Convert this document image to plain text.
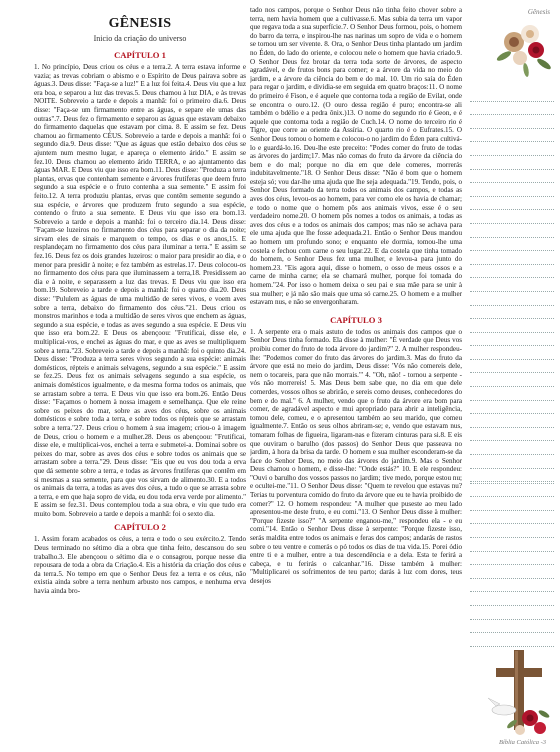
GÊNESIS
Inicio da criação do universo
CAPÍTULO 1

1. No princípio, Deus criou os céus e a terra.2. A terra estava informe e vazia; as trevas cobriam o abismo e o Espírito de Deus pairava sobre as águas.3. Deus disse: "Faça-se a luz!" E a luz foi feita.4. Deus viu que a luz era boa, e separou a luz das trevas.5. Deus chamou à luz DIA, e às trevas NOITE. Sobreveio a tarde e depois a manhã: foi o primeiro dia.6. Deus disse: "Faça-se um firmamento entre as águas, e separe ele umas das outras".7. Deus fez o firmamento e separou as águas que estavam debaixo do firmamento daquelas que estavam por cima. 8. E assim se fez. Deus chamou ao firmamento CÉUS. Sobreveio a tarde e depois a manhã: foi o segundo dia.9. Deus disse: "Que as águas que estão debaixo dos céus se ajuntem num mesmo lugar, e apareça o elemento árido." E assim se fez.10. Deus chamou ao elemento árido TERRA, e ao ajuntamento das águas MAR. E Deus viu que isso era bom.11. Deus disse: "Produza a terra plantas, ervas que contenham semente e árvores frutíferas que deem fruto segundo a sua espécie e o fruto contenha a sua semente." E assim foi feito.12. A terra produziu plantas, ervas que contêm semente segundo a sua espécie, e árvores que produzem fruto segundo a sua espécie, contendo o fruto a sua semente. E Deus viu que isso era bom.13. Sobreveio a tarde e depois a manhã: foi o terceiro dia.14. Deus disse: "Façam-se luzeiros no firmamento dos céus para separar o dia da noite; sirvam eles de sinais e marquem o tempo, os dias e os anos,15. E resplandeçam no firmamento dos céus para iluminar a terra." E assim se fez.16. Deus fez os dois grandes luzeiros: o maior para presidir ao dia, e o menor para presidir à noite; e fez também as estrelas.17. Deus colocou-os no firmamento dos céus para que iluminassem a terra,18. Presidissem ao dia e à noite, e separassem a luz das trevas. E Deus viu que isso era bom.19. Sobreveio a tarde e depois a manhã: foi o quarto dia.20. Deus disse: "Pululem as águas de uma multidão de seres vivos, e voem aves sobre a terra, debaixo do firmamento dos céus."21. Deus criou os monstros marinhos e toda a multidão de seres vivos que enchem as águas, segundo a sua espécie, e todas as aves segundo a sua espécie. E Deus viu que isso era bom.22. E Deus os abençoou: "Frutificai, disse ele, e multiplicai-vos, e enchei as águas do mar, e que as aves se multipliquem sobre a terra."23. Sobreveio a tarde e depois a manhã: foi o quinto dia.24. Deus disse: "Produza a terra seres vivos segundo a sua espécie: animais domésticos, répteis e animais selvagens, segundo a sua espécie." E assim se fez.25. Deus fez os animais selvagens segundo a sua espécie, os animais domésticos igualmente, e da mesma forma todos os animais, que se arrastam sobre a terra. E Deus viu que isso era bom.26. Então Deus disse: "Façamos o homem à nossa imagem e semelhança. Que ele reine sobre os peixes do mar, sobre as aves dos céus, sobre os animais domésticos e sobre toda a terra, e sobre todos os répteis que se arrastam sobre a terra."27. Deus criou o homem à sua imagem; criou-o à imagem de Deus, criou o homem e a mulher.28. Deus os abençoou: "Frutificai, disse ele, e multiplicai-vos, enchei a terra e submetei-a. Dominai sobre os peixes do mar, sobre as aves dos céus e sobre todos os animais que se arrastam sobre a terra."29. Deus disse: "Eis que eu vos dou toda a erva que dá semente sobre a terra, e todas as árvores frutíferas que contêm em si mesmas a sua semente, para que vos sirvam de alimento.30. E a todos os animais da terra, a todas as aves dos céus, a tudo o que se arrasta sobre a terra, e em que haja sopro de vida, eu dou toda erva verde por alimento." E assim se fez.31. Deus contemplou toda a sua obra, e viu que tudo era muito bom. Sobreveio a tarde e depois a manhã: foi o sexto dia.

CAPÍTULO 2

1. Assim foram acabados os céus, a terra e todo o seu exército.2. Tendo Deus terminado no sétimo dia a obra que tinha feito, descansou do seu trabalho.3. Ele abençoou o sétimo dia e o consagrou, porque nesse dia repousara de toda a obra da Criação.4. Eis a história da criação dos céus e da terra.5. No tempo em que o Senhor Deus fez a terra e os céus, não existia ainda sobre a terra nenhum arbusto nos campos, e nenhuma erva havia ainda bro-

tado nos campos, porque o Senhor Deus não tinha feito chover sobre a terra, nem havia homem que a cultivasse.6. Mas subia da terra um vapor que regava toda a sua superfície.7. O Senhor Deus formou, pois, o homem do barro da terra, e inspirou-lhe nas narinas um sopro de vida e o homem se tornou um ser vivente. 8. Ora, o Senhor Deus tinha plantado um jardim no Éden, do lado do oriente, e colocou nele o homem que havia criado.9. O Senhor Deus fez brotar da terra toda sorte de árvores, de aspecto agradável, e de frutos bons para comer; e a árvore da vida no meio do jardim, e a árvore da ciência do bem e do mal. 10. Um rio saía do Éden para regar o jardim, e dividia-se em seguida em quatro braços:11. O nome do primeiro é Fison, e é aquele que contorna toda a região de Evilat, onde se encontra o ouro.12. (O ouro dessa região é puro; encontra-se ali também o bdélio e a pedra ônix.)13. O nome do segundo rio é Geon, e é aquele que contorna toda a região de Cuch.14. O nome do terceiro rio é Tigre, que corre ao oriente da Assíria. O quarto rio é o Eufrates.15. O Senhor Deus tomou o homem e colocou-o no jardim do Éden para cultivá-lo e guardá-lo.16. Deu-lhe este preceito: "Podes comer do fruto de todas as árvores do jardim;17. Mas não comas do fruto da árvore da ciência do bem e do mal; porque no dia em que dele comeres, morrerás indubitavelmente."18. O Senhor Deus disse: "Não é bom que o homem esteja só; vou dar-lhe uma ajuda que lhe seja adequada."19. Tendo, pois, o Senhor Deus formado da terra todos os animais dos campos, e todas as aves dos céus, levou-os ao homem, para ver como ele os havia de chamar; e todo o nome que o homem pôs aos animais vivos, esse é o seu verdadeiro nome.20. O homem pôs nomes a todos os animais, a todas as aves dos céus e a todos os animais dos campos; mas não se achava para ele uma ajuda que lhe fosse adequada.21. Então o Senhor Deus mandou ao homem um profundo sono; e enquanto ele dormia, tomou-lhe uma costela e fechou com carne o seu lugar.22. E da costela que tinha tomado do homem, o Senhor Deus fez uma mulher, e levou-a para junto do homem.23. "Eis agora aqui, disse o homem, o osso de meus ossos e a carne de minha carne; ela se chamará mulher, porque foi tomada do homem."24. Por isso o homem deixa o seu pai e sua mãe para se unir à sua mulher; e já não são mais que uma só carne.25. O homem e a mulher estavam nus, e não se envergonharam.

CAPÍTULO 3

1. A serpente era o mais astuto de todos os animais dos campos que o Senhor Deus tinha formado. Ela disse à mulher: "É verdade que Deus vos proibiu comer do fruto de toda árvore do jardim?" 2. A mulher respondeu-lhe: "Podemos comer do fruto das árvores do jardim.3. Mas do fruto da árvore que está no meio do jardim, Deus disse: 'Vós não comereis dele, nem o tocareis, para que não morrais.'" 4. "Oh, não! - tornou a serpente - vós não morrereis! 5. Mas Deus bem sabe que, no dia em que dele comerdes, vossos olhos se abrirão, e sereis como deuses, conhecedores do bem e do mal." 6. A mulher, vendo que o fruto da árvore era bom para comer, de agradável aspecto e mui apropriado para abrir a inteligência, tomou dele, comeu, e o apresentou também ao seu marido, que comeu igualmente.7. Então os seus olhos abriram-se; e, vendo que estavam nus, tomaram folhas de figueira, ligaram-nas e fizeram cinturas para si.8. E eis que ouviram o barulho (dos passos) do Senhor Deus que passeava no jardim, à hora da brisa da tarde. O homem e sua mulher esconderam-se da face do Senhor Deus, no meio das árvores do jardim.9. Mas o Senhor Deus chamou o homem, e disse-lhe: "Onde estás?" 10. E ele respondeu: "Ouvi o barulho dos vossos passos no jardim; tive medo, porque estou nu; e ocultei-me."11. O Senhor Deus disse: "Quem te revelou que estavas nu? Terias tu porventura comido do fruto da árvore que eu te havia proibido de comer?" 12. O homem respondeu: "A mulher que puseste ao meu lado apresentou-me deste fruto, e eu comi."13. O Senhor Deus disse à mulher: "Porque fizeste isso?" "A serpente enganou-me," respondeu ela - e eu comi."14. Então o Senhor Deus disse à serpente: "Porque fizeste isso, serás maldita entre todos os animais e feras dos campos; andarás de rastos sobre o teu ventre e comerás o pó todos os dias de tua vida.15. Porei ódio entre ti e a mulher, entre a tua descendência e a dela. Esta te ferirá a cabeça, e tu ferirás o calcanhar."16. Disse também à mulher: "Multiplicarei os sofrimentos de teu parto; darás à luz com dores, teus desejos

Gênesis
Bíblia Católica -3
